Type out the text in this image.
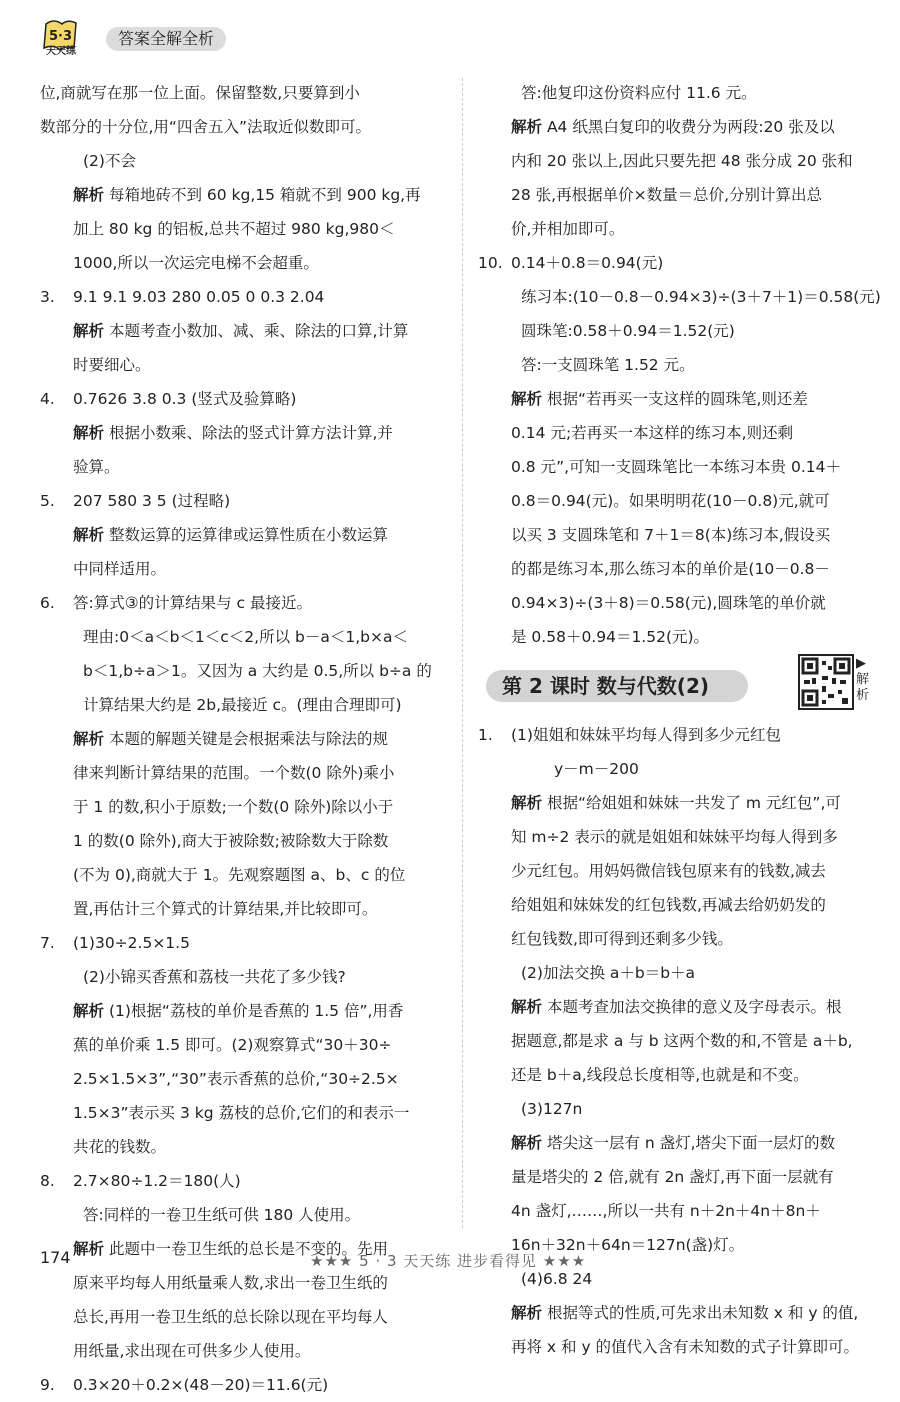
5·3
天天练
答案全解全析
位,商就写在那一位上面。保留整数,只要算到小
数部分的十分位,用“四舍五入”法取近似数即可。
(2)不会
解析 每箱地砖不到 60 kg,15 箱就不到 900 kg,再
加上 80 kg 的铝板,总共不超过 980 kg,980＜
1000,所以一次运完电梯不会超重。
3. 9.1 9.1 9.03 280 0.05 0 0.3 2.04
解析 本题考查小数加、减、乘、除法的口算,计算
时要细心。
4. 0.7626 3.8 0.3 (竖式及验算略)
解析 根据小数乘、除法的竖式计算方法计算,并
验算。
5. 207 580 3 5 (过程略)
解析 整数运算的运算律或运算性质在小数运算
中同样适用。
6. 答:算式③的计算结果与 c 最接近。
理由:0＜a＜b＜1＜c＜2,所以 b－a＜1,b×a＜
b＜1,b÷a＞1。又因为 a 大约是 0.5,所以 b÷a 的
计算结果大约是 2b,最接近 c。(理由合理即可)
解析 本题的解题关键是会根据乘法与除法的规
律来判断计算结果的范围。一个数(0 除外)乘小
于 1 的数,积小于原数;一个数(0 除外)除以小于
1 的数(0 除外),商大于被除数;被除数大于除数
(不为 0),商就大于 1。先观察题图 a、b、c 的位
置,再估计三个算式的计算结果,并比较即可。
7. (1)30÷2.5×1.5
(2)小锦买香蕉和荔枝一共花了多少钱?
解析 (1)根据“荔枝的单价是香蕉的 1.5 倍”,用香
蕉的单价乘 1.5 即可。(2)观察算式“30＋30÷
2.5×1.5×3”,“30”表示香蕉的总价,“30÷2.5×
1.5×3”表示买 3 kg 荔枝的总价,它们的和表示一
共花的钱数。
8. 2.7×80÷1.2＝180(人)
答:同样的一卷卫生纸可供 180 人使用。
解析 此题中一卷卫生纸的总长是不变的。先用
原来平均每人用纸量乘人数,求出一卷卫生纸的
总长,再用一卷卫生纸的总长除以现在平均每人
用纸量,求出现在可供多少人使用。
9. 0.3×20＋0.2×(48－20)＝11.6(元)
答:他复印这份资料应付 11.6 元。
解析 A4 纸黑白复印的收费分为两段:20 张及以
内和 20 张以上,因此只要先把 48 张分成 20 张和
28 张,再根据单价×数量＝总价,分别计算出总
价,并相加即可。
10. 0.14＋0.8＝0.94(元)
练习本:(10－0.8－0.94×3)÷(3＋7＋1)＝0.58(元)
圆珠笔:0.58＋0.94＝1.52(元)
答:一支圆珠笔 1.52 元。
解析 根据“若再买一支这样的圆珠笔,则还差
0.14 元;若再买一本这样的练习本,则还剩
0.8 元”,可知一支圆珠笔比一本练习本贵 0.14＋
0.8＝0.94(元)。如果明明花(10－0.8)元,就可
以买 3 支圆珠笔和 7＋1＝8(本)练习本,假设买
的都是练习本,那么练习本的单价是(10－0.8－
0.94×3)÷(3＋8)＝0.58(元),圆珠笔的单价就
是 0.58＋0.94＝1.52(元)。
第 2 课时 数与代数(2)
▶
解析
1. (1)姐姐和妹妹平均每人得到多少元红包
y－m－200
解析 根据“给姐姐和妹妹一共发了 m 元红包”,可
知 m÷2 表示的就是姐姐和妹妹平均每人得到多
少元红包。用妈妈微信钱包原来有的钱数,减去
给姐姐和妹妹发的红包钱数,再减去给奶奶发的
红包钱数,即可得到还剩多少钱。
(2)加法交换 a＋b＝b＋a
解析 本题考查加法交换律的意义及字母表示。根
据题意,都是求 a 与 b 这两个数的和,不管是 a＋b,
还是 b＋a,线段总长度相等,也就是和不变。
(3)127n
解析 塔尖这一层有 n 盏灯,塔尖下面一层灯的数
量是塔尖的 2 倍,就有 2n 盏灯,再下面一层就有
4n 盏灯,……,所以一共有 n＋2n＋4n＋8n＋
16n＋32n＋64n＝127n(盏)灯。
(4)6.8 24
解析 根据等式的性质,可先求出未知数 x 和 y 的值,
再将 x 和 y 的值代入含有未知数的式子计算即可。
174	★★★ 5 · 3 天天练 进步看得见 ★★★
